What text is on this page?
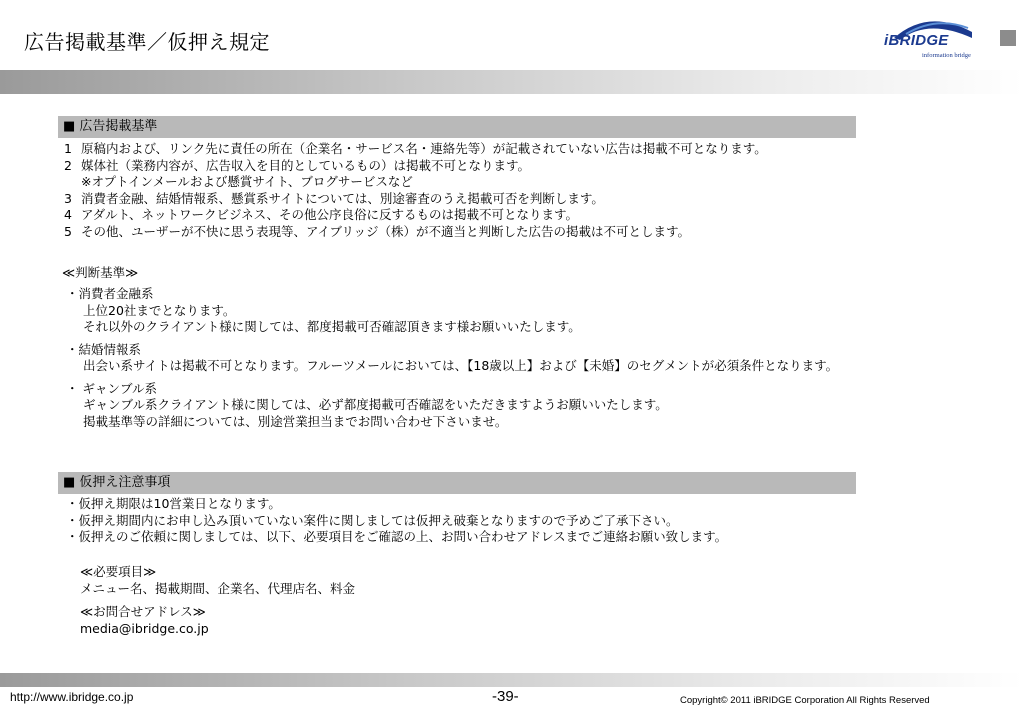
広告掲載基準／仮押え規定	iBRIDGE
information bridge
■ 広告掲載基準
1 原稿内および、リンク先に責任の所在（企業名・サービス名・連絡先等）が記載されていない広告は掲載不可となります。
2 媒体社（業務内容が、広告収入を目的としているもの）は掲載不可となります。
※オプトインメールおよび懸賞サイト、ブログサービスなど
3 消費者金融、結婚情報系、懸賞系サイトについては、別途審査のうえ掲載可否を判断します。
4 アダルト、ネットワークビジネス、その他公序良俗に反するものは掲載不可となります。
5 その他、ユーザーが不快に思う表現等、アイブリッジ（株）が不適当と判断した広告の掲載は不可とします。
≪判断基準≫
・消費者金融系
上位20社までとなります。
それ以外のクライアント様に関しては、都度掲載可否確認頂きます様お願いいたします。
・結婚情報系
出会い系サイトは掲載不可となります。フルーツメールにおいては、【18歳以上】および【未婚】のセグメントが必須条件となります。
・ ギャンブル系
ギャンブル系クライアント様に関しては、必ず都度掲載可否確認をいただきますようお願いいたします。
掲載基準等の詳細については、別途営業担当までお問い合わせ下さいませ。
■ 仮押え注意事項
・仮押え期限は10営業日となります。
・仮押え期間内にお申し込み頂いていない案件に関しましては仮押え破棄となりますので予めご了承下さい。
・仮押えのご依頼に関しましては、以下、必要項目をご確認の上、お問い合わせアドレスまでご連絡お願い致します。
≪必要項目≫
メニュー名、掲載期間、企業名、代理店名、料金
≪お問合せアドレス≫
media@ibridge.co.jp
http://www.ibridge.co.jp	-39-	Copyright© 2011 iBRIDGE Corporation All Rights Reserved
